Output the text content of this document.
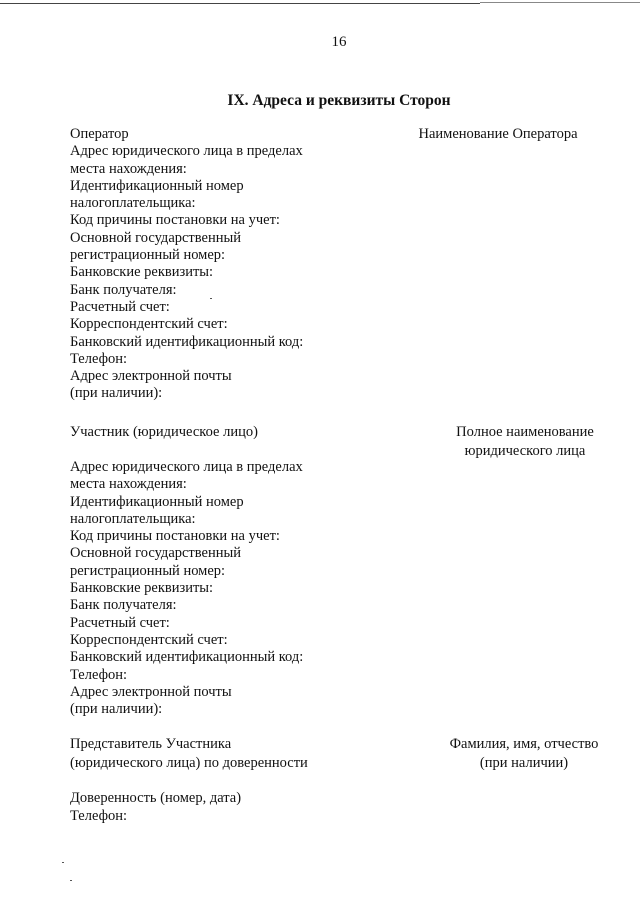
16
IX. Адреса и реквизиты Сторон
Оператор
Адрес юридического лица в пределах
места нахождения:
Идентификационный номер
налогоплательщика:
Код причины постановки на учет:
Основной государственный
регистрационный номер:
Банковские реквизиты:
Банк получателя:
Расчетный счет:
Корреспондентский счет:
Банковский идентификационный код:
Телефон:
Адрес электронной почты
(при наличии):
Наименование Оператора
Участник (юридическое лицо)	Полное наименование
юридического лица
Адрес юридического лица в пределах
места нахождения:
Идентификационный номер
налогоплательщика:
Код причины постановки на учет:
Основной государственный
регистрационный номер:
Банковские реквизиты:
Банк получателя:
Расчетный счет:
Корреспондентский счет:
Банковский идентификационный код:
Телефон:
Адрес электронной почты
(при наличии):
Представитель Участника
(юридического лица) по доверенности
Фамилия, имя, отчество
(при наличии)
Доверенность (номер, дата)
Телефон:
